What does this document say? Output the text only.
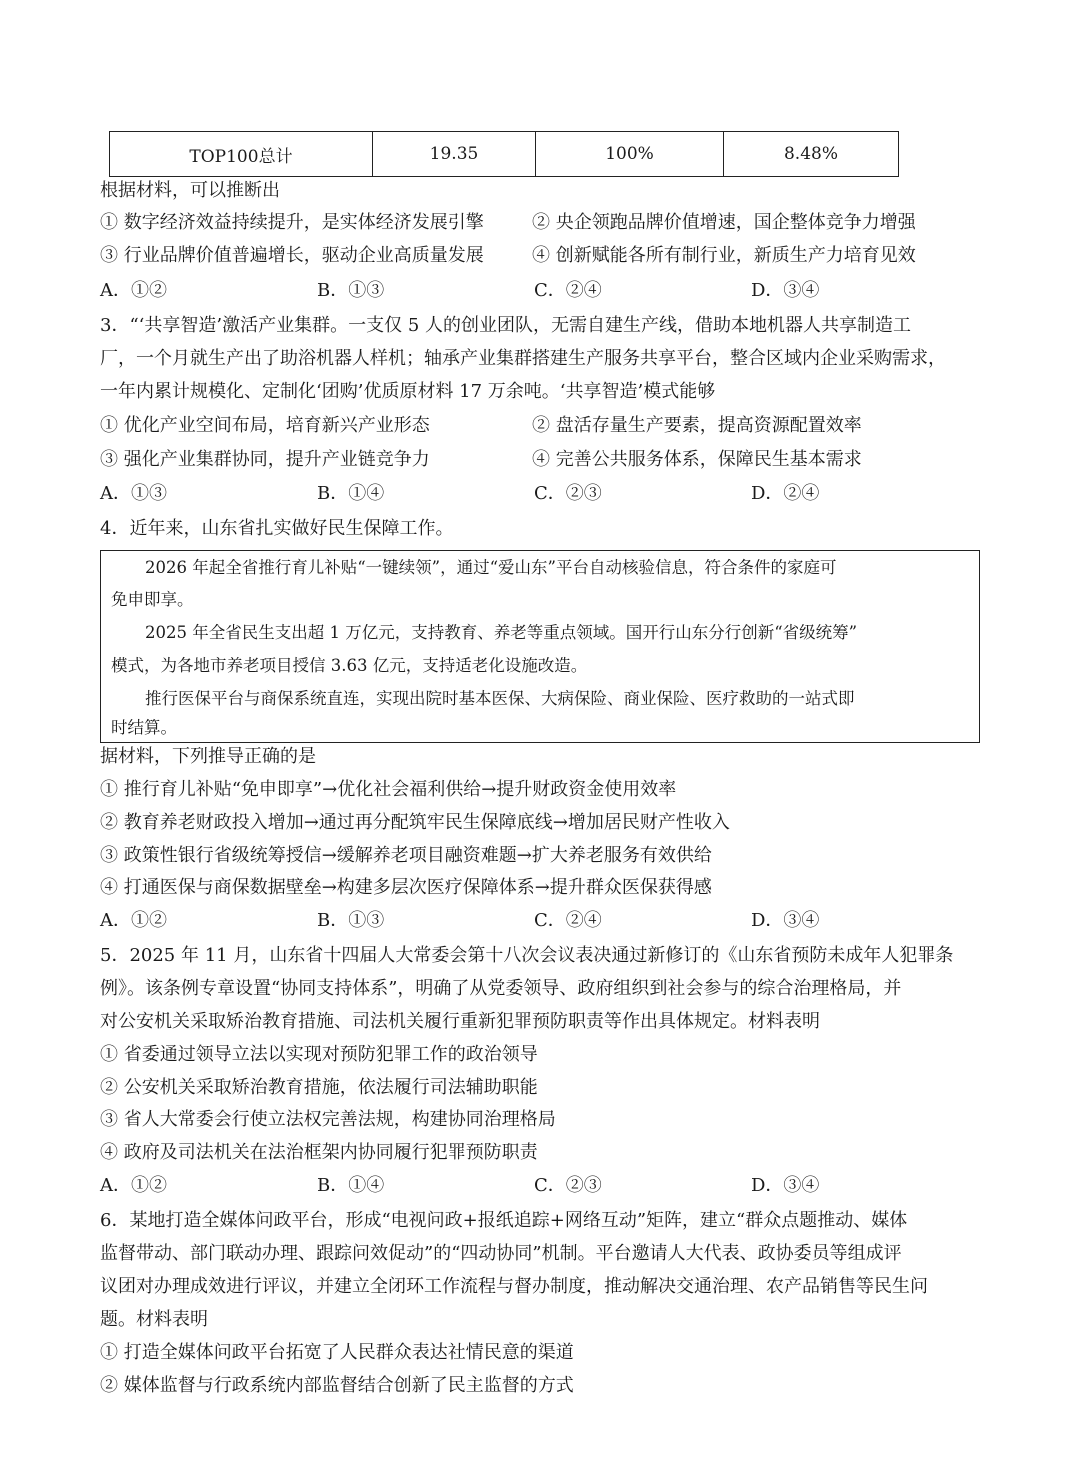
TOP100总计	19.35	100%	8.48%
根据材料，可以推断出
① 数字经济效益持续提升，是实体经济发展引擎	② 央企领跑品牌价值增速，国企整体竞争力增强
③ 行业品牌价值普遍增长，驱动企业高质量发展	④ 创新赋能各所有制行业，新质生产力培育见效
A．①②	B．①③	C．②④	D．③④
3．“‘共享智造’激活产业集群。一支仅 5 人的创业团队，无需自建生产线，借助本地机器人共享制造工
厂，一个月就生产出了助浴机器人样机；轴承产业集群搭建生产服务共享平台，整合区域内企业采购需求，
一年内累计规模化、定制化‘团购’优质原材料 17 万余吨。‘共享智造’模式能够
① 优化产业空间布局，培育新兴产业形态	② 盘活存量生产要素，提高资源配置效率
③ 强化产业集群协同，提升产业链竞争力	④ 完善公共服务体系，保障民生基本需求
A．①③	B．①④	C．②③	D．②④
4．近年来，山东省扎实做好民生保障工作。
2026 年起全省推行育儿补贴“一键续领”，通过“爱山东”平台自动核验信息，符合条件的家庭可
免申即享。
2025 年全省民生支出超 1 万亿元，支持教育、养老等重点领域。国开行山东分行创新“省级统筹”
模式，为各地市养老项目授信 3.63 亿元，支持适老化设施改造。
推行医保平台与商保系统直连，实现出院时基本医保、大病保险、商业保险、医疗救助的一站式即
时结算。
据材料，下列推导正确的是
① 推行育儿补贴“免申即享”→优化社会福利供给→提升财政资金使用效率
② 教育养老财政投入增加→通过再分配筑牢民生保障底线→增加居民财产性收入
③ 政策性银行省级统筹授信→缓解养老项目融资难题→扩大养老服务有效供给
④ 打通医保与商保数据壁垒→构建多层次医疗保障体系→提升群众医保获得感
A．①②	B．①③	C．②④	D．③④
5．2025 年 11 月，山东省十四届人大常委会第十八次会议表决通过新修订的《山东省预防未成年人犯罪条
例》。该条例专章设置“协同支持体系”，明确了从党委领导、政府组织到社会参与的综合治理格局，并
对公安机关采取矫治教育措施、司法机关履行重新犯罪预防职责等作出具体规定。材料表明
① 省委通过领导立法以实现对预防犯罪工作的政治领导
② 公安机关采取矫治教育措施，依法履行司法辅助职能
③ 省人大常委会行使立法权完善法规，构建协同治理格局
④ 政府及司法机关在法治框架内协同履行犯罪预防职责
A．①②	B．①④	C．②③	D．③④
6．某地打造全媒体问政平台，形成“电视问政+报纸追踪+网络互动”矩阵，建立“群众点题推动、媒体
监督带动、部门联动办理、跟踪问效促动”的“四动协同”机制。平台邀请人大代表、政协委员等组成评
议团对办理成效进行评议，并建立全闭环工作流程与督办制度，推动解决交通治理、农产品销售等民生问
题。材料表明
① 打造全媒体问政平台拓宽了人民群众表达社情民意的渠道
② 媒体监督与行政系统内部监督结合创新了民主监督的方式
